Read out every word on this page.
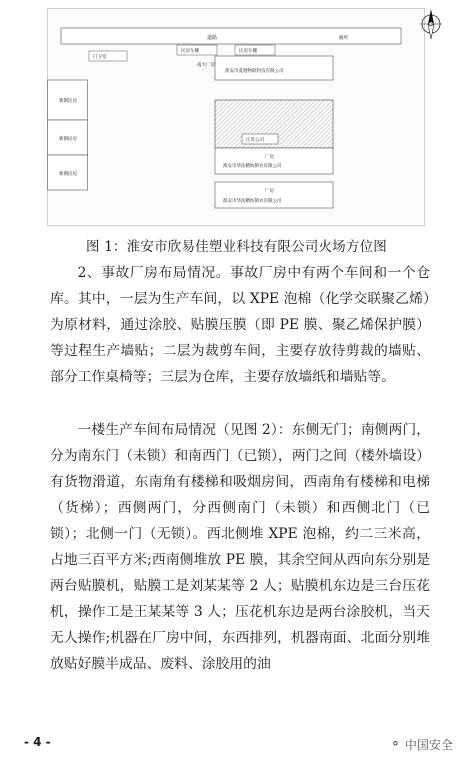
道路
民房车棚	民房车棚
厕所
门卫室
新钢民房
新钢民房
新钢民房
南大厂房
淮安市莫德物联科技有限公司
江苏公司
厂房
淮安市华法精纺制衣有限公司
厂房
淮安市华法精纺制衣有限公司
图 1：淮安市欣易佳塑业科技有限公司火场方位图

2、事故厂房布局情况。事故厂房中有两个车间和一个仓库。其中，一层为生产车间，以 XPE 泡棉（化学交联聚乙烯）为原材料，通过涂胶、贴膜压膜（即 PE 膜、聚乙烯保护膜）等过程生产墙贴；二层为裁剪车间，主要存放待剪裁的墙贴、部分工作桌椅等；三层为仓库，主要存放墙纸和墙贴等。

一楼生产车间布局情况（见图 2）：东侧无门；南侧两门，分为南东门（未锁）和南西门（已锁），两门之间（楼外墙设）有货物滑道，东南角有楼梯和吸烟房间，西南角有楼梯和电梯（货梯）；西侧两门，分西侧南门（未锁）和西侧北门（已锁）；北侧一门（无锁）。西北侧堆 XPE 泡棉，约二三米高，占地三百平方米;西南侧堆放 PE 膜，其余空间从西向东分别是两台贴膜机，贴膜工是刘某某等 2 人；贴膜机东边是三台压花机，操作工是王某某等 3 人；压花机东边是两台涂胶机，当天无人操作;机器在厂房中间，东西排列，机器南面、北面分别堆放贴好膜半成品、废料、涂胶用的油

- 4 -	⚬ 中国安全
